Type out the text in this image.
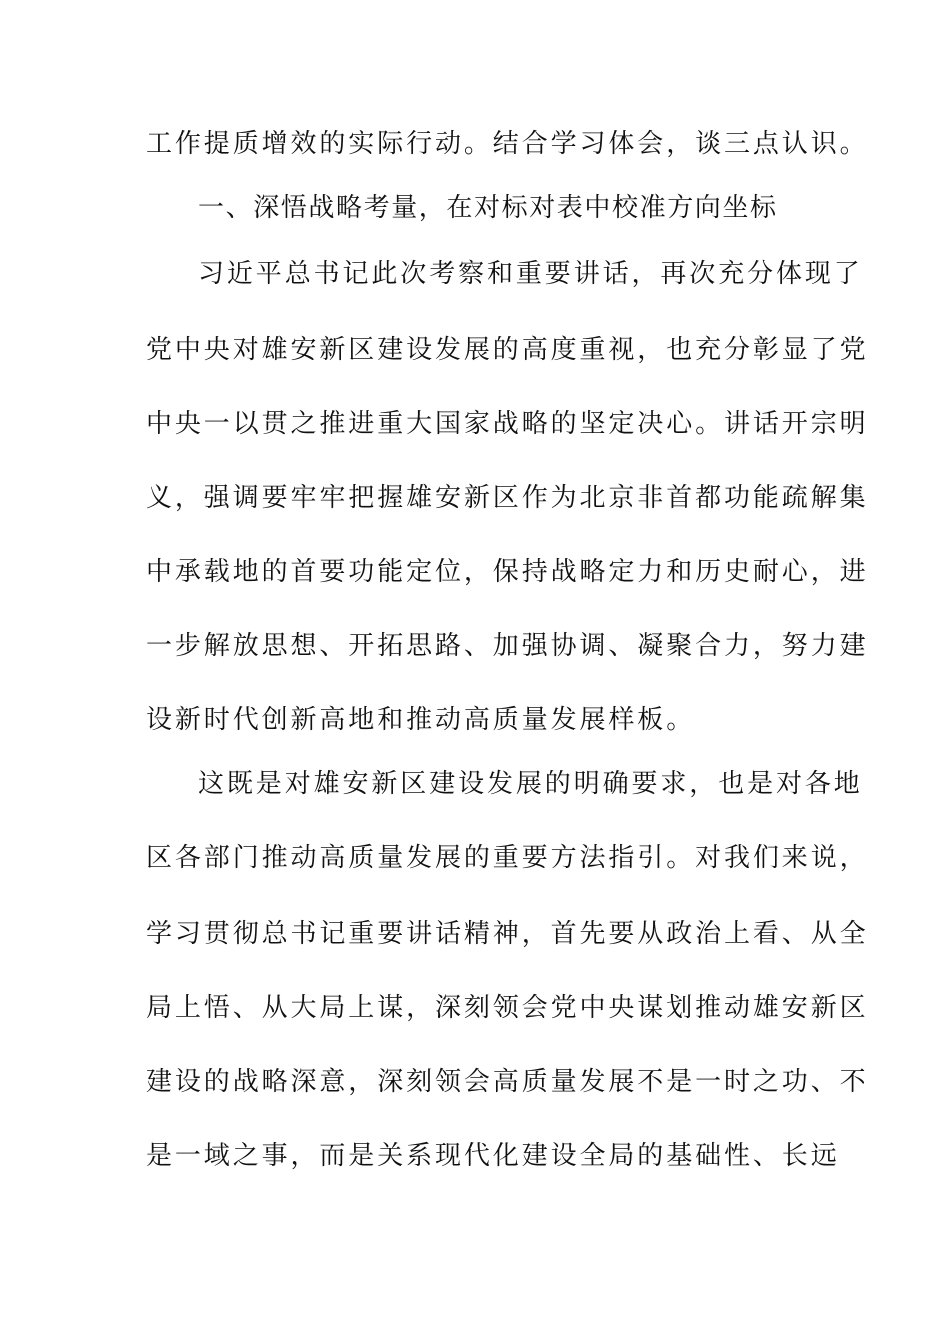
工作提质增效的实际行动。结合学习体会，谈三点认识。
一、深悟战略考量，在对标对表中校准方向坐标
习近平总书记此次考察和重要讲话，再次充分体现了
党中央对雄安新区建设发展的高度重视，也充分彰显了党
中央一以贯之推进重大国家战略的坚定决心。讲话开宗明
义，强调要牢牢把握雄安新区作为北京非首都功能疏解集
中承载地的首要功能定位，保持战略定力和历史耐心，进
一步解放思想、开拓思路、加强协调、凝聚合力，努力建
设新时代创新高地和推动高质量发展样板。
这既是对雄安新区建设发展的明确要求，也是对各地
区各部门推动高质量发展的重要方法指引。对我们来说，
学习贯彻总书记重要讲话精神，首先要从政治上看、从全
局上悟、从大局上谋，深刻领会党中央谋划推动雄安新区
建设的战略深意，深刻领会高质量发展不是一时之功、不
是一域之事，而是关系现代化建设全局的基础性、长远
